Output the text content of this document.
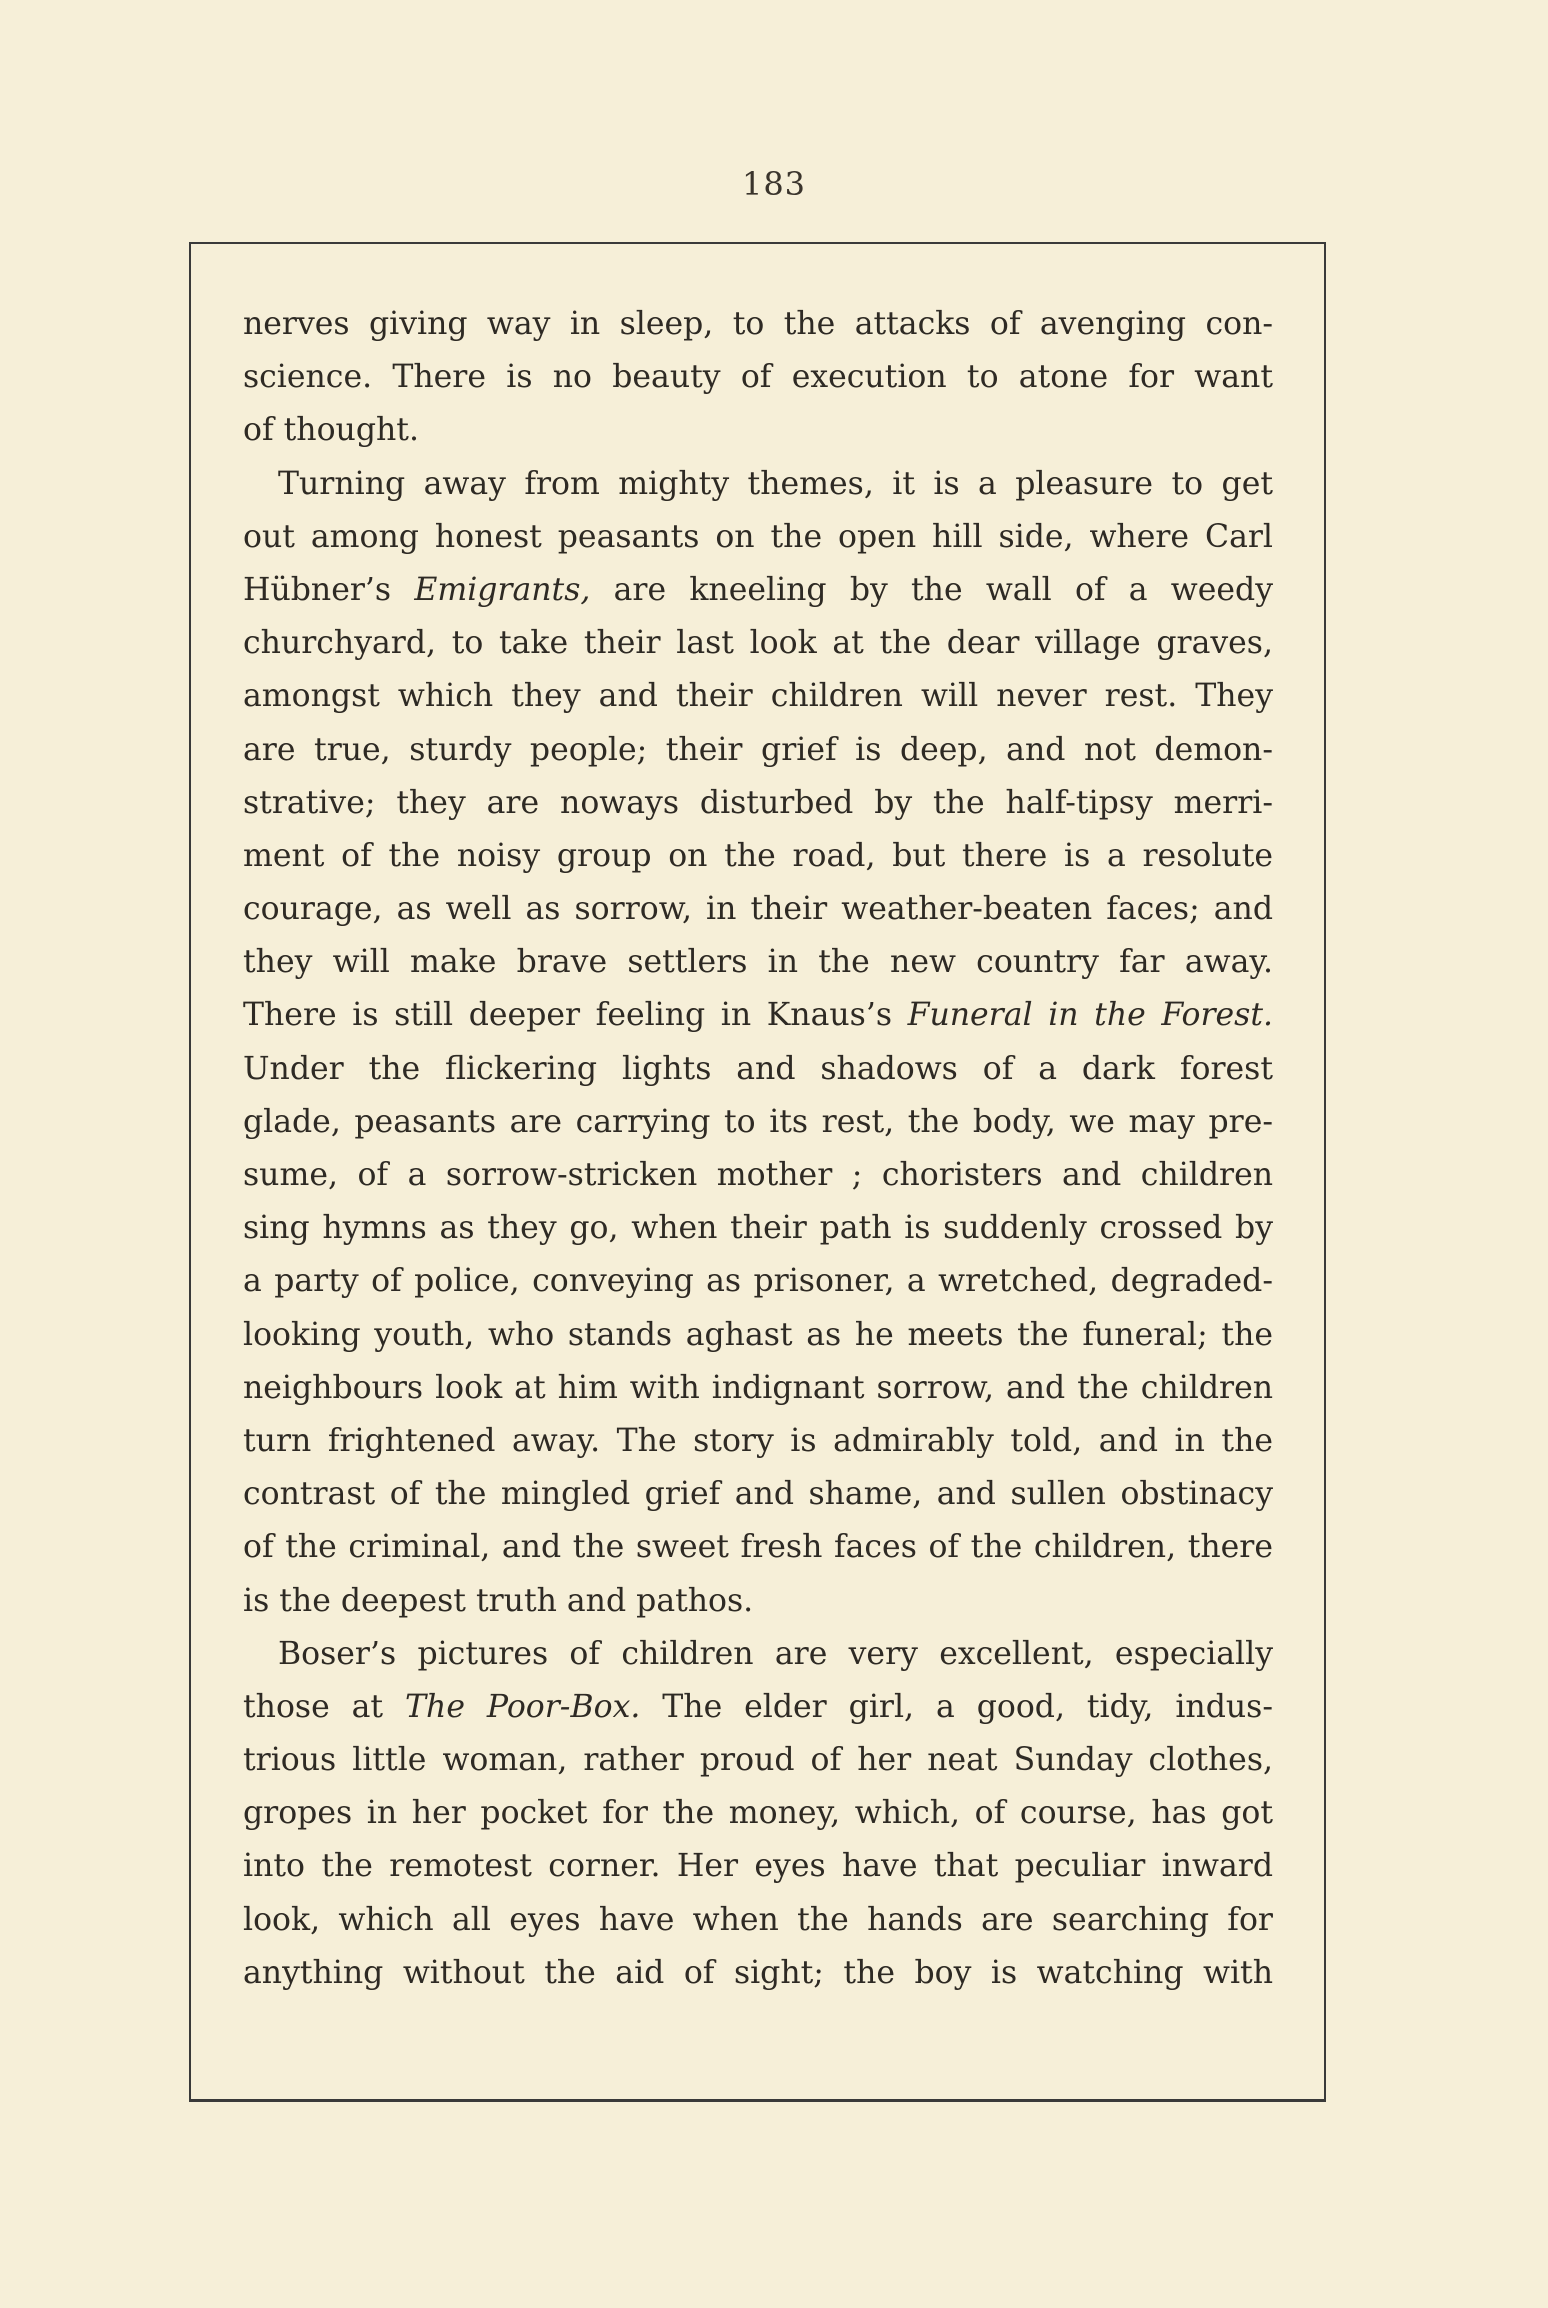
183
nerves giving way in sleep, to the attacks of avenging con-
science. There is no beauty of execution to atone for want
of thought.
Turning away from mighty themes, it is a pleasure to get
out among honest peasants on the open hill side, where Carl
Hübner’s Emigrants, are kneeling by the wall of a weedy
churchyard, to take their last look at the dear village graves,
amongst which they and their children will never rest. They
are true, sturdy people; their grief is deep, and not demon-
strative; they are noways disturbed by the half-tipsy merri-
ment of the noisy group on the road, but there is a resolute
courage, as well as sorrow, in their weather-beaten faces; and
they will make brave settlers in the new country far away.
There is still deeper feeling in Knaus’s Funeral in the Forest.
Under the flickering lights and shadows of a dark forest
glade, peasants are carrying to its rest, the body, we may pre-
sume, of a sorrow-stricken mother ; choristers and children
sing hymns as they go, when their path is suddenly crossed by
a party of police, conveying as prisoner, a wretched, degraded-
looking youth, who stands aghast as he meets the funeral; the
neighbours look at him with indignant sorrow, and the children
turn frightened away. The story is admirably told, and in the
contrast of the mingled grief and shame, and sullen obstinacy
of the criminal, and the sweet fresh faces of the children, there
is the deepest truth and pathos.
Boser’s pictures of children are very excellent, especially
those at The Poor-Box. The elder girl, a good, tidy, indus-
trious little woman, rather proud of her neat Sunday clothes,
gropes in her pocket for the money, which, of course, has got
into the remotest corner. Her eyes have that peculiar inward
look, which all eyes have when the hands are searching for
anything without the aid of sight; the boy is watching with
